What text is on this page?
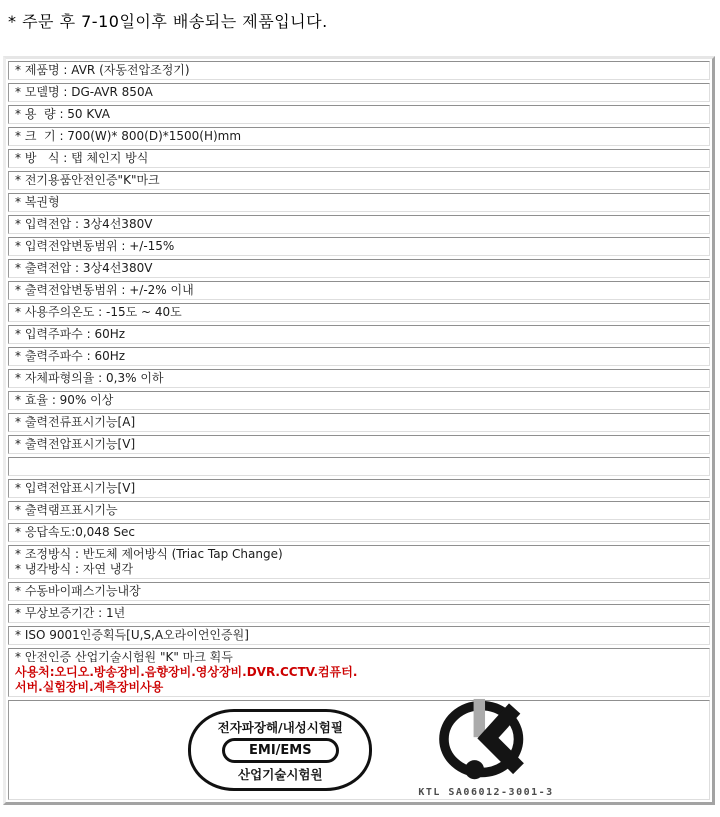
* 주문 후 7-10일이후 배송되는 제품입니다.
* 제품명 : AVR (자동전압조정기)
* 모델명 : DG-AVR 850A
* 용  량 : 50 KVA
* 크  기 : 700(W)* 800(D)*1500(H)mm
* 방   식 : 탭 체인지 방식
* 전기용품안전인증"K"마크
* 복권형
* 입력전압 : 3상4선380V
* 입력전압변동범위 : +/-15%
* 출력전압 : 3상4선380V
* 출력전압변동범위 : +/-2% 이내
* 사용주의온도 : -15도 ~ 40도
* 입력주파수 : 60Hz
* 출력주파수 : 60Hz
* 자체파형의율 : 0,3% 이하
* 효율 : 90% 이상
* 출력전류표시기능[A]
* 출력전압표시기능[V]
* 입력전압표시기능[V]
* 출력램프표시기능
* 응답속도:0,048 Sec
* 조정방식 : 반도체 제어방식 (Triac Tap Change)
* 냉각방식 : 자연 냉각
* 수동바이패스기능내장
* 무상보증기간 : 1년
* ISO 9001인증획득[U,S,A오라이언인증원]
* 안전인증 산업기술시험원 "K" 마크 획득
사용처:오디오.방송장비.음향장비.영상장비.DVR.CCTV.컴퓨터.
서버.실험장비.계측장비사용
전자파장해/내성시험필
EMI/EMS
산업기술시험원
KTL SA06012-3001-3
